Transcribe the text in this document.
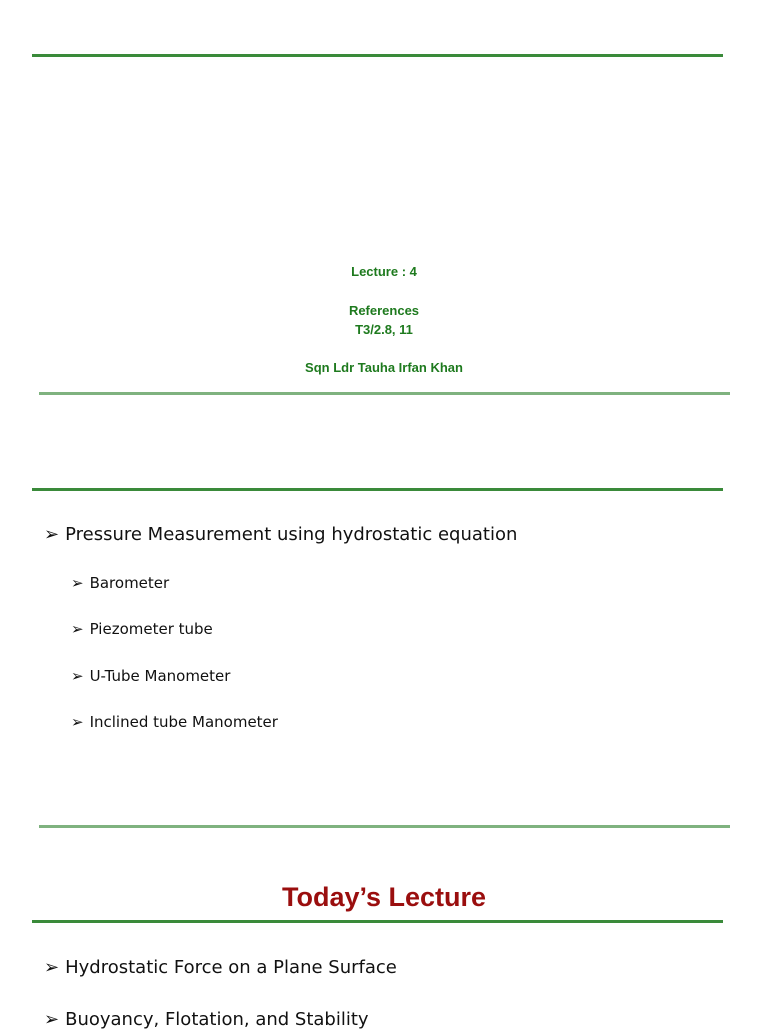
Lecture : 4
References
T3/2.8, 11
Sqn Ldr Tauha Irfan Khan
➢ Pressure Measurement using hydrostatic equation
➢ Barometer
➢ Piezometer tube
➢ U-Tube Manometer
➢ Inclined tube Manometer
Today’s Lecture
➢ Hydrostatic Force on a Plane Surface
➢ Buoyancy, Flotation, and Stability
